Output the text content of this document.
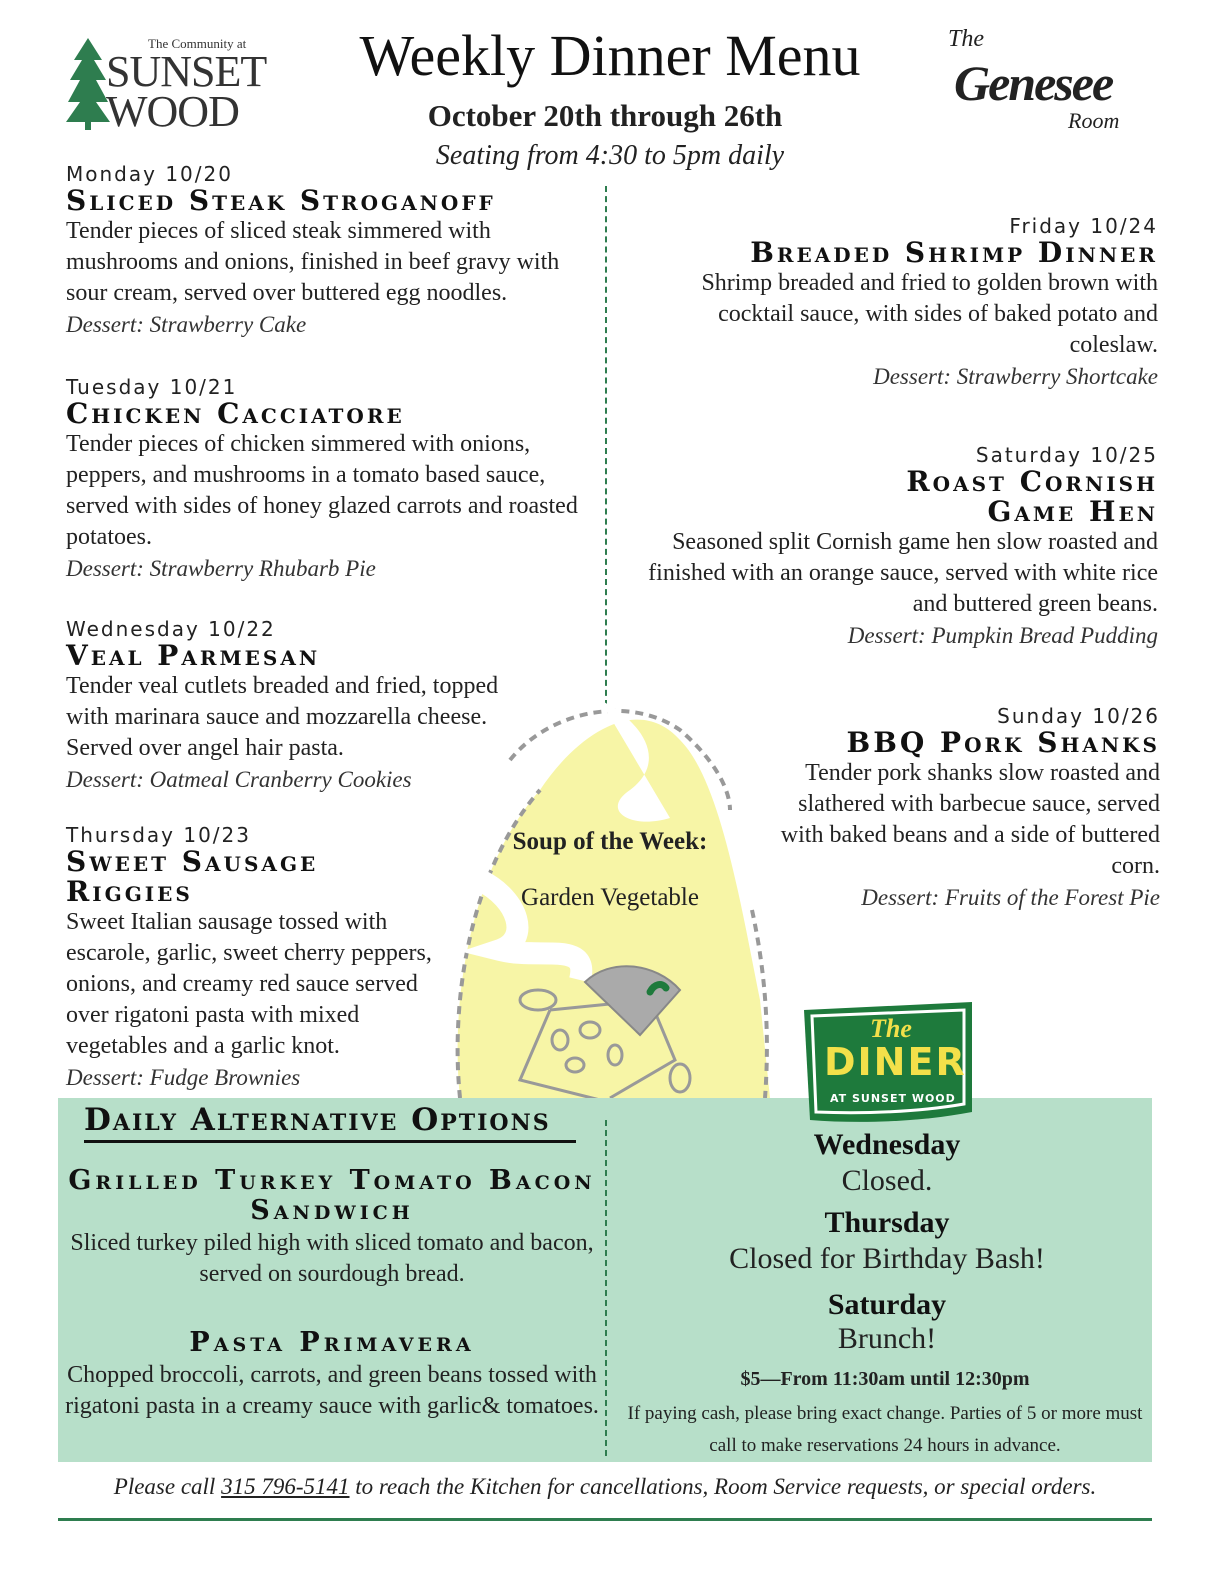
The Community at
SUNSET
WOOD
Weekly Dinner Menu
October 20th through 26th
Seating from 4:30 to 5pm daily
The
Genesee
Room
Soup of the Week:
Garden Vegetable
Monday 10/20
Sliced Steak Stroganoff
Tender pieces of sliced steak simmered with mushrooms and onions, finished in beef gravy with sour cream, served over buttered egg noodles.
Dessert: Strawberry Cake
Tuesday 10/21
Chicken Cacciatore
Tender pieces of chicken simmered with onions, peppers, and mushrooms in a tomato based sauce, served with sides of honey glazed carrots and roasted potatoes.
Dessert: Strawberry Rhubarb Pie
Wednesday 10/22
Veal Parmesan
Tender veal cutlets breaded and fried, topped with marinara sauce and mozzarella cheese. Served over angel hair pasta.
Dessert: Oatmeal Cranberry Cookies
Thursday 10/23
Sweet Sausage Riggies
Sweet Italian sausage tossed with escarole, garlic, sweet cherry peppers, onions, and creamy red sauce served over rigatoni pasta with mixed vegetables and a garlic knot.
Dessert: Fudge Brownies
Friday 10/24
Breaded Shrimp Dinner
Shrimp breaded and fried to golden brown with cocktail sauce, with sides of baked potato and coleslaw.
Dessert: Strawberry Shortcake
Saturday 10/25
Roast Cornish Game Hen
Seasoned split Cornish game hen slow roasted and finished with an orange sauce, served with white rice and buttered green beans.
Dessert: Pumpkin Bread Pudding
Sunday 10/26
BBQ Pork Shanks
Tender pork shanks slow roasted and slathered with barbecue sauce, served with baked beans and a side of buttered corn.
Dessert: Fruits of the Forest Pie
Daily Alternative Options
Grilled Turkey Tomato Bacon Sandwich
Sliced turkey piled high with sliced tomato and bacon, served on sourdough bread.
Pasta Primavera
Chopped broccoli, carrots, and green beans tossed with rigatoni pasta in a creamy sauce with garlic& tomatoes.
The
DINER
AT SUNSET WOOD
Wednesday
Closed.
Thursday
Closed for Birthday Bash!
Saturday
Brunch!
$5—From 11:30am until 12:30pm
If paying cash, please bring exact change. Parties of 5 or more must call to make reservations 24 hours in advance.
Please call 315 796-5141 to reach the Kitchen for cancellations, Room Service requests, or special orders.
